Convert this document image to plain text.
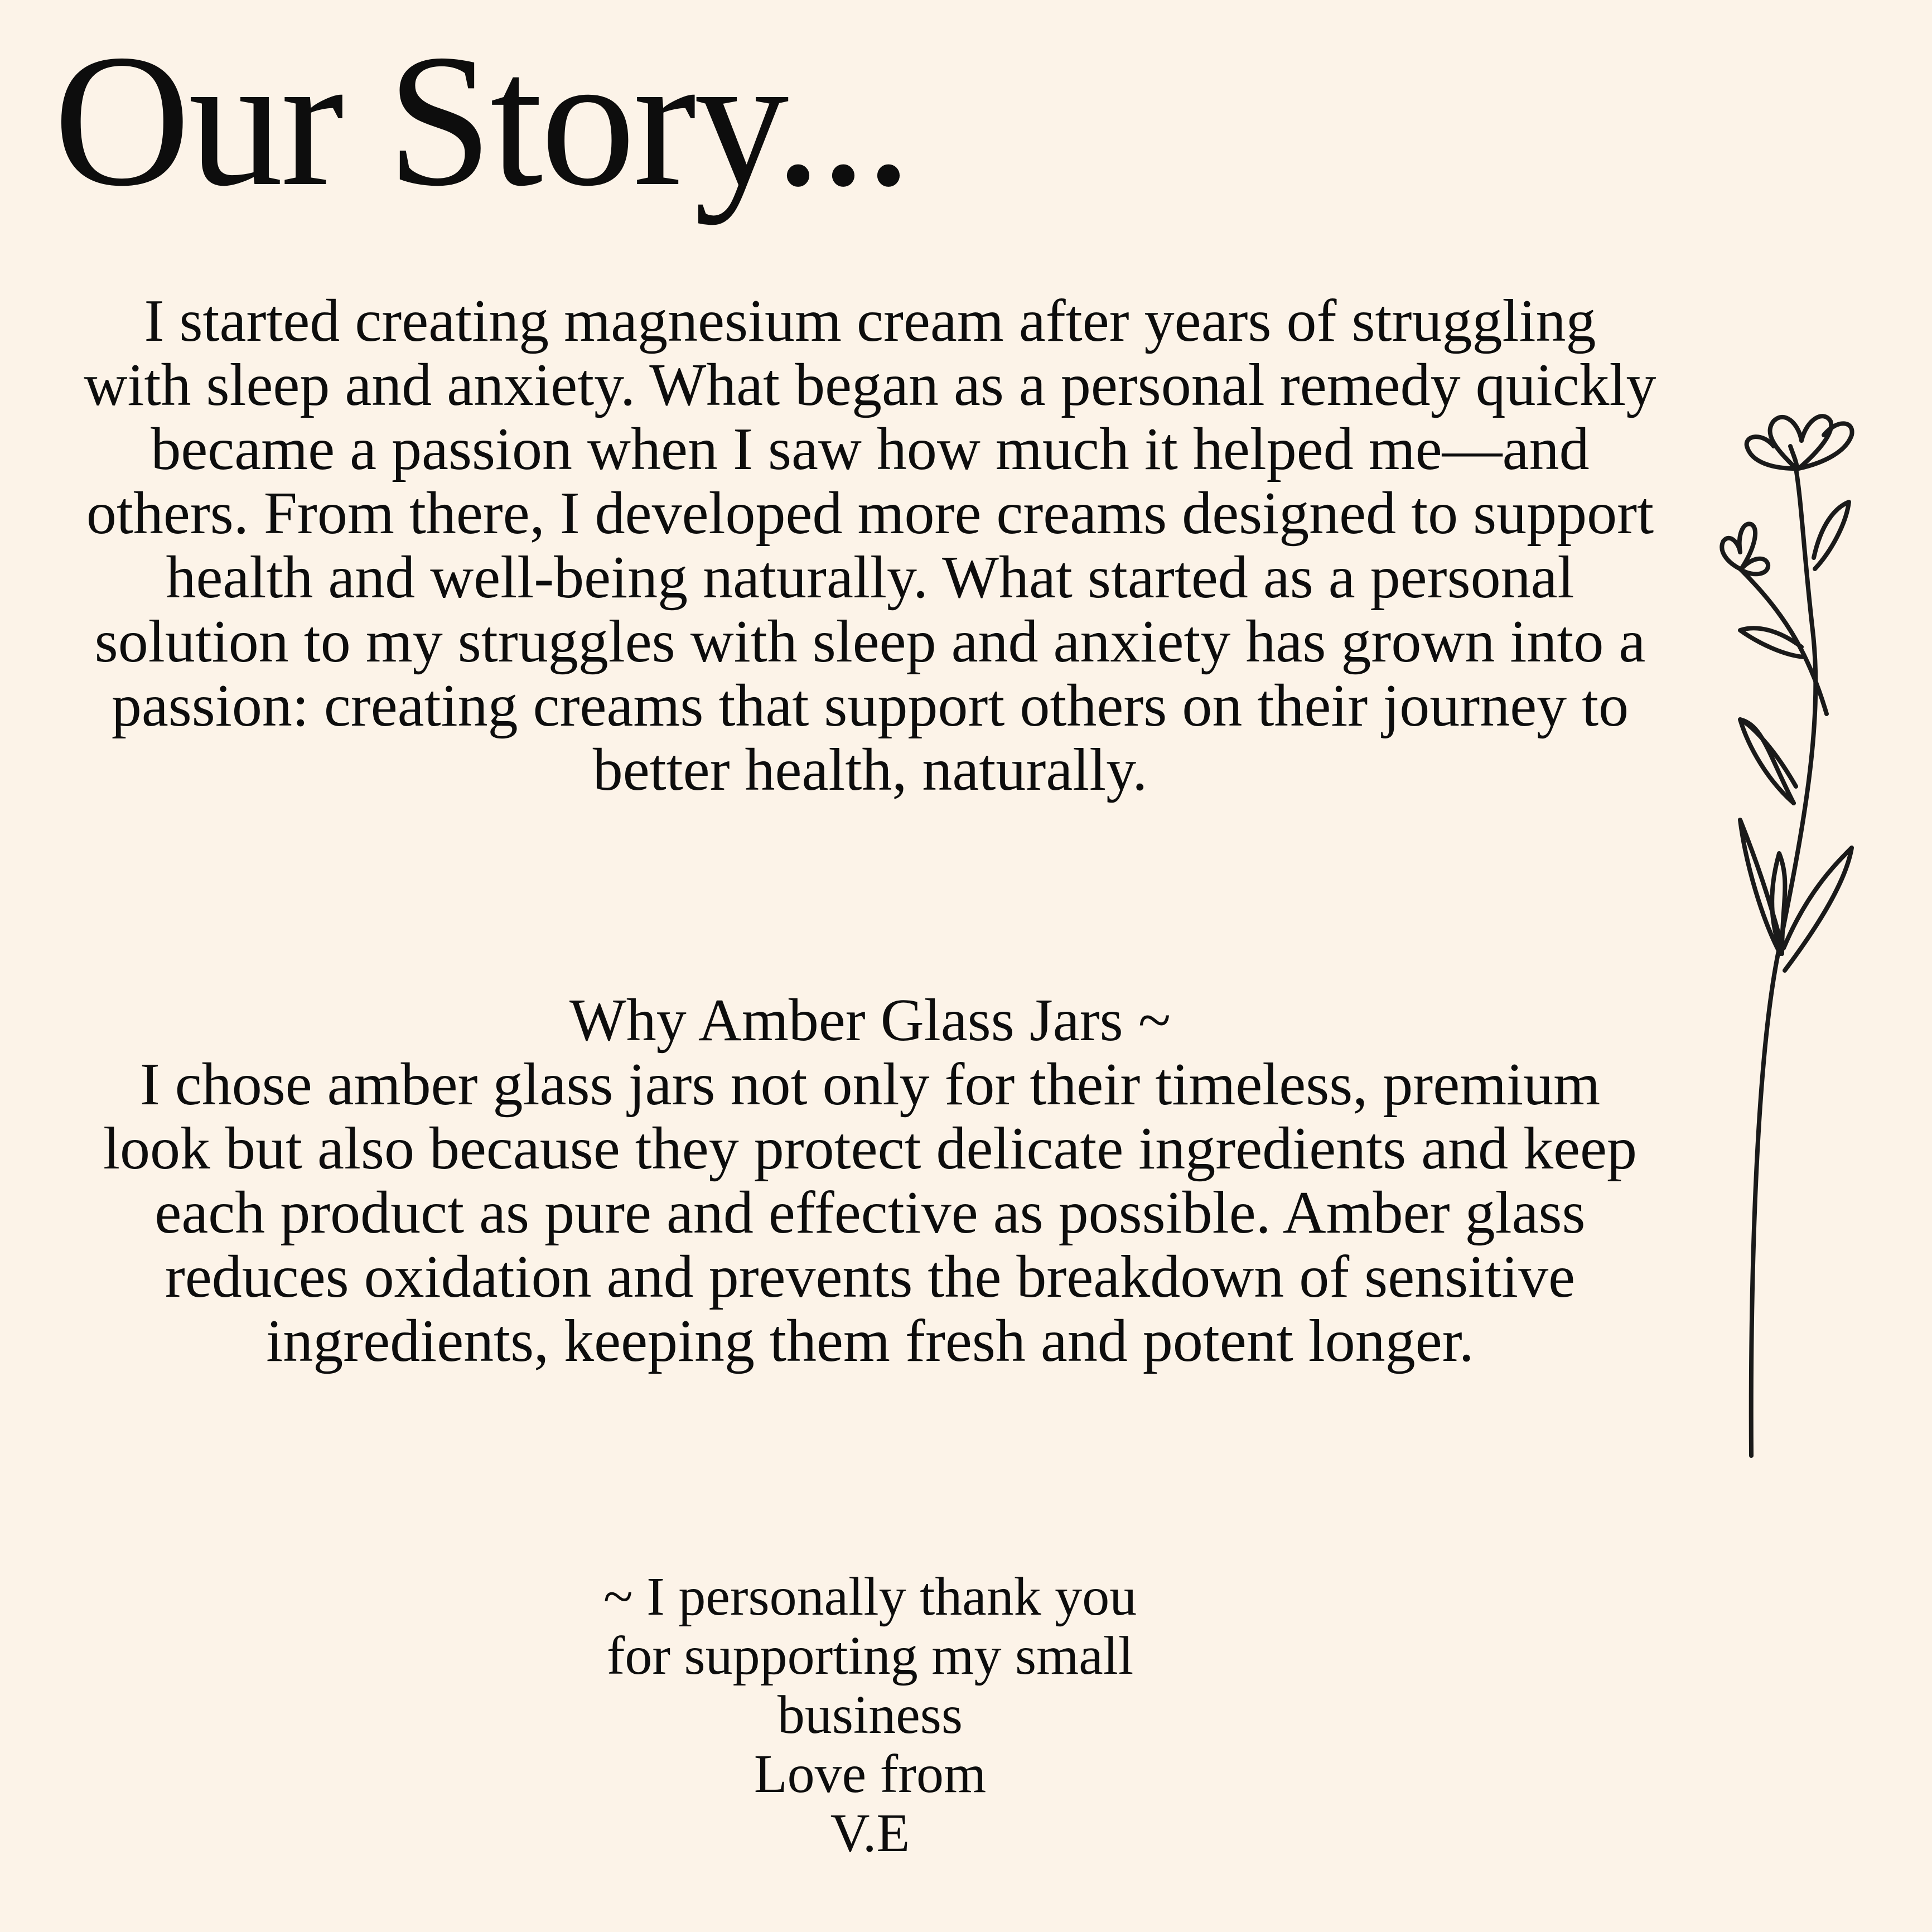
Our Story...

I started creating magnesium cream after years of struggling with sleep and anxiety. What began as a personal remedy quickly became a passion when I saw how much it helped me—and others. From there, I developed more creams designed to support health and well-being naturally. What started as a personal solution to my struggles with sleep and anxiety has grown into a passion: creating creams that support others on their journey to better health, naturally.

Why Amber Glass Jars ~
I chose amber glass jars not only for their timeless, premium look but also because they protect delicate ingredients and keep each product as pure and effective as possible. Amber glass reduces oxidation and prevents the breakdown of sensitive ingredients, keeping them fresh and potent longer.
~ I personally thank you
for supporting my small
business
Love from
V.E
